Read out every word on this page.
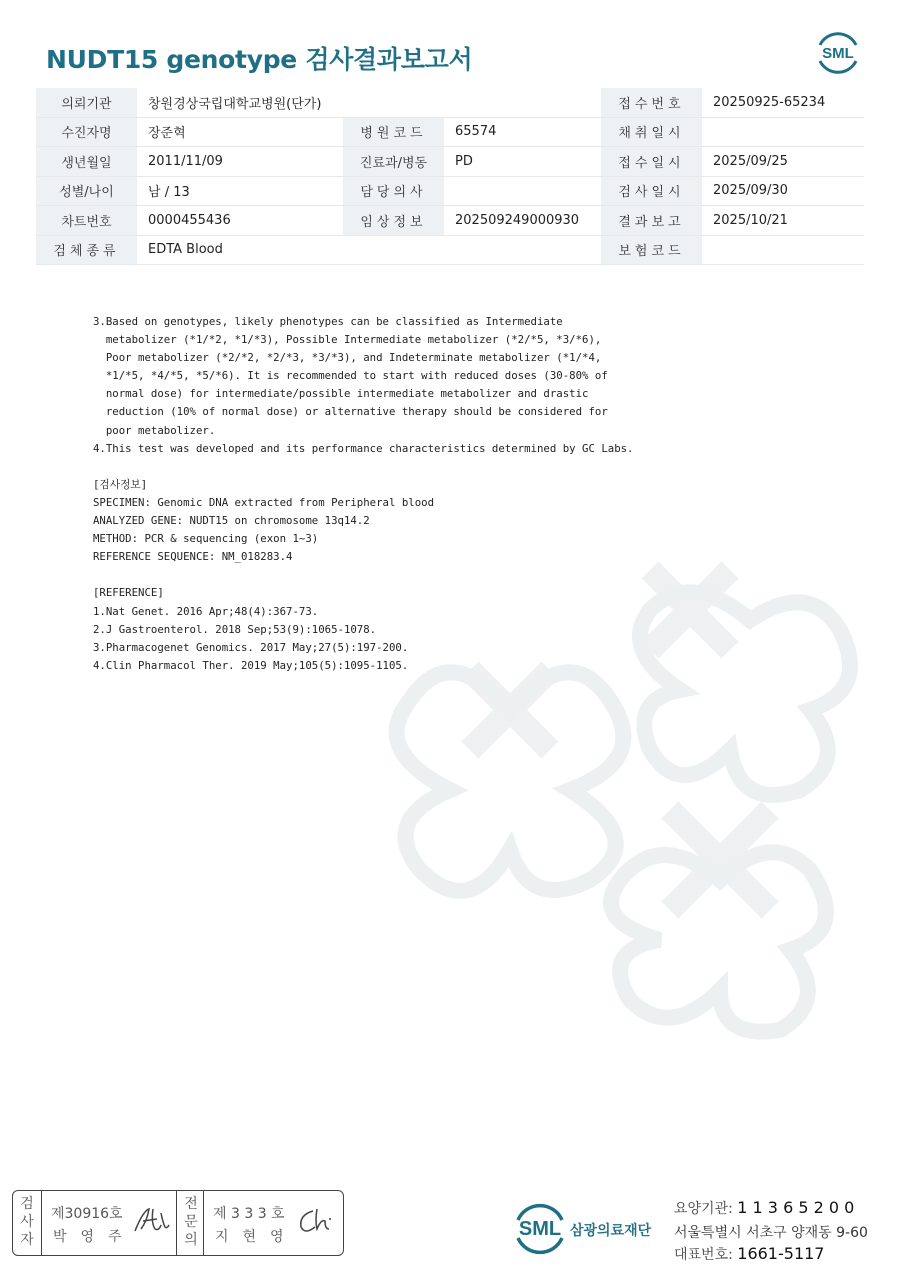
NUDT15 genotype 검사결과보고서	SML
의뢰기관	창원경상국립대학교병원(단가)			접수번호	20250925-65234
수진자명	장준혁	병원코드	65574	채취일시	
생년월일	2011/11/09	진료과/병동	PD	접수일시	2025/09/25
성별/나이	남 / 13	담당의사		검사일시	2025/09/30
차트번호	0000455436	임상정보	202509249000930	결과보고	2025/10/21
검체종류	EDTA Blood			보험코드	
3.Based on genotypes, likely phenotypes can be classified as Intermediate
metabolizer (*1/*2, *1/*3), Possible Intermediate metabolizer (*2/*5, *3/*6),
Poor metabolizer (*2/*2, *2/*3, *3/*3), and Indeterminate metabolizer (*1/*4,
*1/*5, *4/*5, *5/*6). It is recommended to start with reduced doses (30-80% of
normal dose) for intermediate/possible intermediate metabolizer and drastic
reduction (10% of normal dose) or alternative therapy should be considered for
poor metabolizer.
4.This test was developed and its performance characteristics determined by GC Labs.
[검사정보]
SPECIMEN: Genomic DNA extracted from Peripheral blood
ANALYZED GENE: NUDT15 on chromosome 13q14.2
METHOD: PCR & sequencing (exon 1~3)
REFERENCE SEQUENCE: NM_018283.4
[REFERENCE]
1.Nat Genet. 2016 Apr;48(4):367-73.
2.J Gastroenterol. 2018 Sep;53(9):1065-1078.
3.Pharmacogenet Genomics. 2017 May;27(5):197-200.
4.Clin Pharmacol Ther. 2019 May;105(5):1095-1105.
검
사
자
제30916호
박영주
전
문
의
제 3 3 3 호
지현영	SML 삼광의료재단
요양기관: 1 1 3 6 5 2 0 0
서울특별시 서초구 양재동 9-60
대표번호: 1661-5117
